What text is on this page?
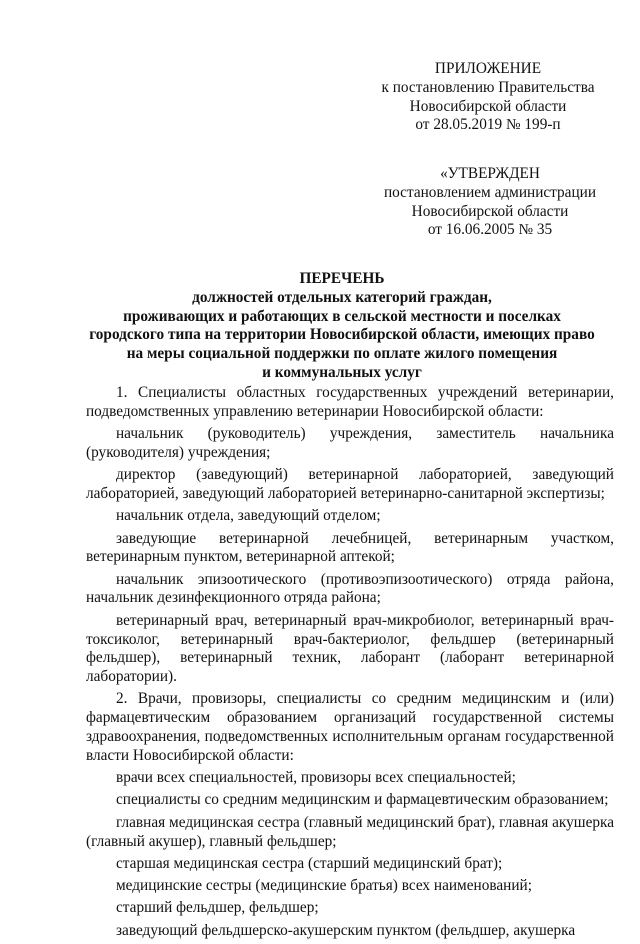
ПРИЛОЖЕНИЕ
к постановлению Правительства
Новосибирской области
от 28.05.2019 № 199-п
«УТВЕРЖДЕН
постановлением администрации
Новосибирской области
от 16.06.2005 № 35
ПЕРЕЧЕНЬ
должностей отдельных категорий граждан,
проживающих и работающих в сельской местности и поселках
городского типа на территории Новосибирской области, имеющих право
на меры социальной поддержки по оплате жилого помещения
и коммунальных услуг

1. Специалисты областных государственных учреждений ветеринарии, подведомственных управлению ветеринарии Новосибирской области:

начальник (руководитель) учреждения, заместитель начальника (руководителя) учреждения;

директор (заведующий) ветеринарной лабораторией, заведующий лабораторией, заведующий лабораторией ветеринарно-санитарной экспертизы;

начальник отдела, заведующий отделом;

заведующие ветеринарной лечебницей, ветеринарным участком, ветеринарным пунктом, ветеринарной аптекой;

начальник эпизоотического (противоэпизоотического) отряда района, начальник дезинфекционного отряда района;

ветеринарный врач, ветеринарный врач-микробиолог, ветеринарный врач-токсиколог, ветеринарный врач-бактериолог, фельдшер (ветеринарный фельдшер), ветеринарный техник, лаборант (лаборант ветеринарной лаборатории).

2. Врачи, провизоры, специалисты со средним медицинским и (или) фармацевтическим образованием организаций государственной системы здравоохранения, подведомственных исполнительным органам государственной власти Новосибирской области:

врачи всех специальностей, провизоры всех специальностей;

специалисты со средним медицинским и фармацевтическим образованием;

главная медицинская сестра (главный медицинский брат), главная акушерка (главный акушер), главный фельдшер;

старшая медицинская сестра (старший медицинский брат);

медицинские сестры (медицинские братья) всех наименований;

старший фельдшер, фельдшер;

заведующий фельдшерско-акушерским пунктом (фельдшер, акушерка
